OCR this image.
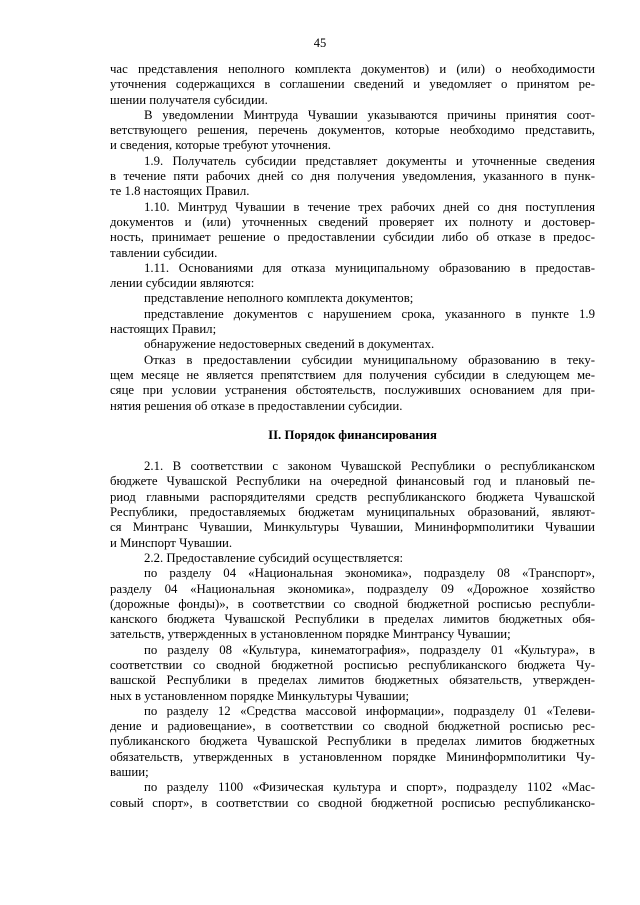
45
час представления неполного комплекта документов) и (или) о необходимости
уточнения содержащихся в соглашении сведений и уведомляет о принятом ре-
шении получателя субсидии.
В уведомлении Минтруда Чувашии указываются причины принятия соот-
ветствующего решения, перечень документов, которые необходимо представить,
и сведения, которые требуют уточнения.
1.9. Получатель субсидии представляет документы и уточненные сведения
в течение пяти рабочих дней со дня получения уведомления, указанного в пунк-
те 1.8 настоящих Правил.
1.10. Минтруд Чувашии в течение трех рабочих дней со дня поступления
документов и (или) уточненных сведений проверяет их полноту и достовер-
ность, принимает решение о предоставлении субсидии либо об отказе в предос-
тавлении субсидии.
1.11. Основаниями для отказа муниципальному образованию в предостав-
лении субсидии являются:
представление неполного комплекта документов;
представление документов с нарушением срока, указанного в пункте 1.9
настоящих Правил;
обнаружение недостоверных сведений в документах.
Отказ в предоставлении субсидии муниципальному образованию в теку-
щем месяце не является препятствием для получения субсидии в следующем ме-
сяце при условии устранения обстоятельств, послуживших основанием для при-
нятия решения об отказе в предоставлении субсидии.
II. Порядок финансирования
2.1. В соответствии с законом Чувашской Республики о республиканском
бюджете Чувашской Республики на очередной финансовый год и плановый пе-
риод главными распорядителями средств республиканского бюджета Чувашской
Республики, предоставляемых бюджетам муниципальных образований, являют-
ся Минтранс Чувашии, Минкультуры Чувашии, Мининформполитики Чувашии
и Минспорт Чувашии.
2.2. Предоставление субсидий осуществляется:
по разделу 04 «Национальная экономика», подразделу 08 «Транспорт»,
разделу 04 «Национальная экономика», подразделу 09 «Дорожное хозяйство
(дорожные фонды)», в соответствии со сводной бюджетной росписью республи-
канского бюджета Чувашской Республики в пределах лимитов бюджетных обя-
зательств, утвержденных в установленном порядке Минтрансу Чувашии;
по разделу 08 «Культура, кинематография», подразделу 01 «Культура», в
соответствии со сводной бюджетной росписью республиканского бюджета Чу-
вашской Республики в пределах лимитов бюджетных обязательств, утвержден-
ных в установленном порядке Минкультуры Чувашии;
по разделу 12 «Средства массовой информации», подразделу 01 «Телеви-
дение и радиовещание», в соответствии со сводной бюджетной росписью рес-
публиканского бюджета Чувашской Республики в пределах лимитов бюджетных
обязательств, утвержденных в установленном порядке Мининформполитики Чу-
вашии;
по разделу 1100 «Физическая культура и спорт», подразделу 1102 «Мас-
совый спорт», в соответствии со сводной бюджетной росписью республиканско-
